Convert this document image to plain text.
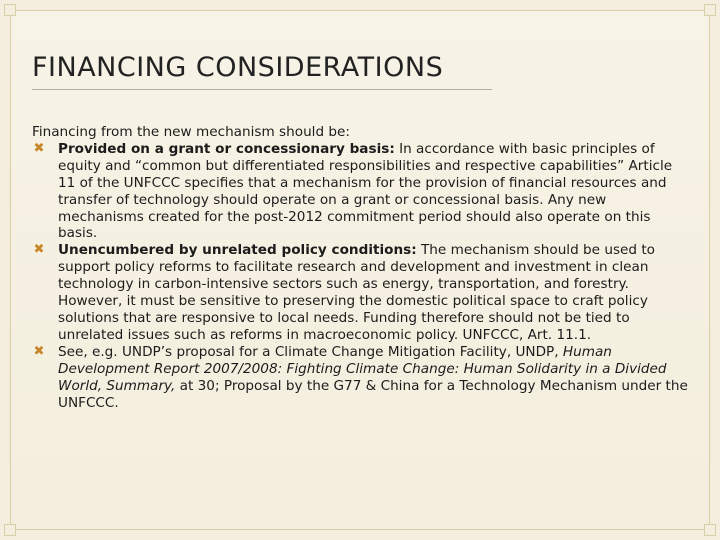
FINANCING CONSIDERATIONS

Financing from the new mechanism should be:

✖ Provided on a grant or concessionary basis: In accordance with basic principles of equity and “common but differentiated responsibilities and respective capabilities” Article 11 of the UNFCCC specifies that a mechanism for the provision of financial resources and transfer of technology should operate on a grant or concessional basis. Any new mechanisms created for the post-2012 commitment period should also operate on this basis.
✖ Unencumbered by unrelated policy conditions: The mechanism should be used to support policy reforms to facilitate research and development and investment in clean technology in carbon-intensive sectors such as energy, transportation, and forestry. However, it must be sensitive to preserving the domestic political space to craft policy solutions that are responsive to local needs. Funding therefore should not be tied to unrelated issues such as reforms in macroeconomic policy. UNFCCC, Art. 11.1.
✖ See, e.g. UNDP’s proposal for a Climate Change Mitigation Facility, UNDP, Human Development Report 2007/2008: Fighting Climate Change: Human Solidarity in a Divided World, Summary, at 30; Proposal by the G77 & China for a Technology Mechanism under the UNFCCC.
